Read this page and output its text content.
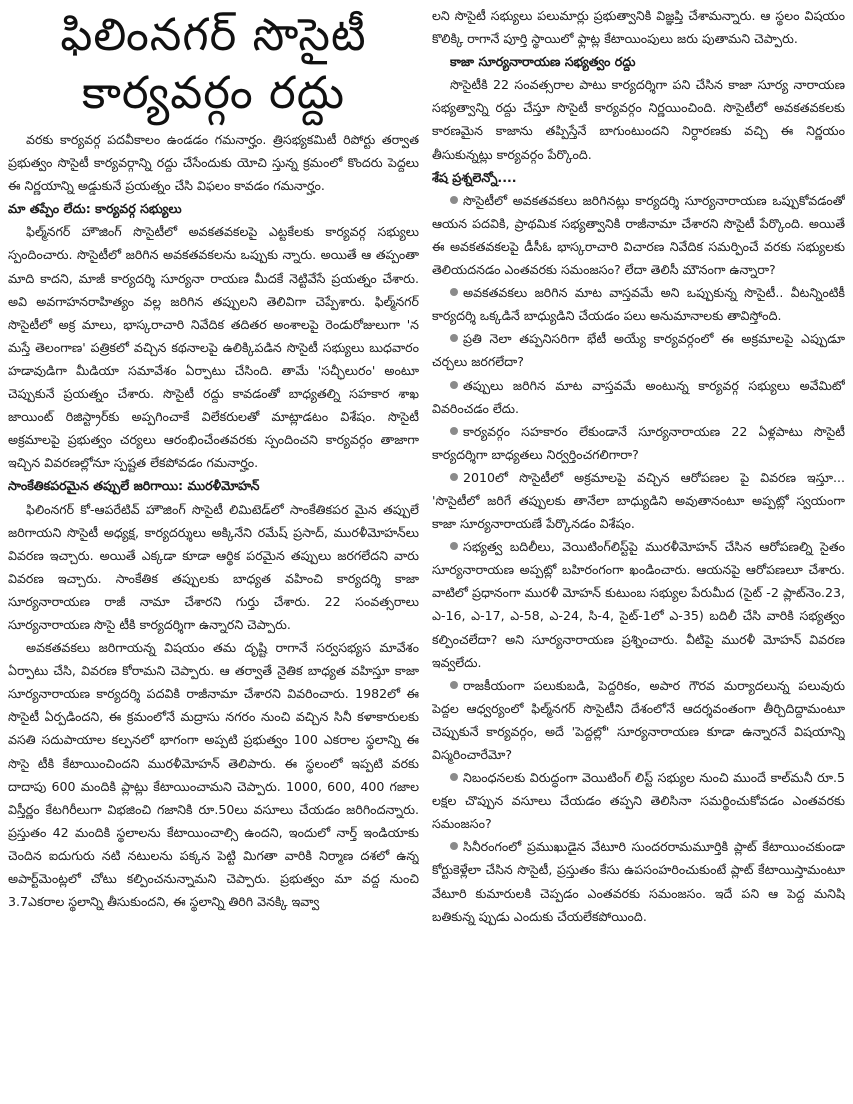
ఫిలింనగర్ సొసైటీ
కార్యవర్గం రద్దు

వరకు కార్యవర్గ పదవీకాలం ఉండడం గమనార్హం. త్రిసభ్యకమిటీ రిపోర్టు తర్వాత ప్రభుత్వం సొసైటీ కార్యవర్గాన్ని రద్దు చేసేందుకు యోచి స్తున్న క్రమంలో కొందరు పెద్దలు ఈ నిర్ణయాన్ని అడ్డుకునే ప్రయత్నం చేసి విఫలం కావడం గమనార్హం.

మా తప్పేం లేదు: కార్యవర్గ సభ్యులు

ఫిల్మ్‌నగర్ హౌజింగ్ సొసైటీలో అవకతవకలపై ఎట్టకేలకు కార్యవర్గ సభ్యులు స్పందించారు. సొసైటీలో జరిగిన అవకతవకలను ఒప్పుకు న్నారు. అయితే ఆ తప్పంతా మాది కాదని, మాజీ కార్యదర్శి సూర్యనా రాయణ మీదకే నెట్టివేసే ప్రయత్నం చేశారు. అవి అవగాహనరాహిత్యం వల్ల జరిగిన తప్పులని తెలివిగా చెప్పేశారు. ఫిల్మ్‌నగర్ సొసైటీలో అక్ర మాలు, భాస్కరాచారి నివేదిక తదితర అంశాలపై రెండురోజులుగా 'న మస్తే తెలంగాణ' పత్రికలో వచ్చిన కథనాలపై ఉలిక్కిపడిన సొసైటీ సభ్యులు బుధవారం హడావుడిగా మీడియా సమావేశం ఏర్పాటు చేసింది. తామే 'సచ్ఛీలురం' అంటూ చెప్పుకునే ప్రయత్నం చేశారు. సొసైటీ రద్దు కావడంతో బాధ్యతల్ని సహకార శాఖ జాయింట్ రిజిస్ట్రార్‌కు అప్పగించాకే విలేకరులతో మాట్లాడటం విశేషం. సొసైటీ అక్రమాలపై ప్రభుత్వం చర్యలు ఆరంభించేంతవరకు స్పందించని కార్యవర్గం తాజాగా ఇచ్చిన వివరణల్లోనూ స్పష్టత లేకపోవడం గమనార్హం.

సాంకేతికపరమైన తప్పులే జరిగాయి: మురళీమోహన్

ఫిలింనగర్ కో-ఆపరేటివ్ హౌజింగ్ సొసైటీ లిమిటెడ్‌లో సాంకేతికపర మైన తప్పులే జరిగాయని సొసైటీ అధ్యక్ష, కార్యదర్శులు అక్కినేని రమేష్ ప్రసాద్, మురళీమోహన్‌లు వివరణ ఇచ్చారు. అయితే ఎక్కడా కూడా ఆర్థిక పరమైన తప్పులు జరగలేదని వారు వివరణ ఇచ్చారు. సాంకేతిక తప్పులకు బాధ్యత వహించి కార్యదర్శి కాజా సూర్యనారాయణ రాజీ నామా చేశారని గుర్తు చేశారు. 22 సంవత్సరాలు సూర్యనారాయణ సొసై టీకి కార్యదర్శిగా ఉన్నారని చెప్పారు.

అవకతవకలు జరిగాయన్న విషయం తమ దృష్టి రాగానే సర్వసభ్యస మావేశం ఏర్పాటు చేసి, వివరణ కోరామని చెప్పారు. ఆ తర్వాతే నైతిక బాధ్యత వహిస్తూ కాజా సూర్యనారాయణ కార్యదర్శి పదవికి రాజీనామా చేశారని వివరించారు. 1982లో ఈ సొసైటీ ఏర్పడిందని, ఈ క్రమంలోనే మద్రాసు నగరం నుంచి వచ్చిన సినీ కళాకారులకు వసతి సదుపాయాల కల్పనలో భాగంగా అప్పటి ప్రభుత్వం 100 ఎకరాల స్థలాన్ని ఈ సొసై టీకి కేటాయించిందని మురళీమోహన్ తెలిపారు. ఈ స్థలంలో ఇప్పటి వరకు దాదాపు 600 మందికి ప్లాట్లు కేటాయించామని చెప్పారు. 1000, 600, 400 గజాల విస్తీర్ణం కేటగిరీలుగా విభజించి గజానికి రూ.50లు వసూలు చేయడం జరిగిందన్నారు. ప్రస్తుతం 42 మందికి స్థలాలను కేటాయించాల్సి ఉందని, ఇందులో నార్త్ ఇండియాకు చెందిన ఐదుగురు నటి నటులను పక్కన పెట్టి మిగతా వారికి నిర్మాణ దశలో ఉన్న అపార్ట్‌మెంట్లలో చోటు కల్పించనున్నామని చెప్పారు. ప్రభుత్వం మా వద్ద నుంచి 3.7ఎకరాల స్థలాన్ని తీసుకుందని, ఈ స్థలాన్ని తిరిగి వెనక్కి ఇవ్వా

లని సొసైటీ సభ్యులు పలుమార్లు ప్రభుత్వానికి విజ్ఞప్తి చేశామన్నారు. ఆ స్థలం విషయం కొలిక్కి రాగానే పూర్తి స్థాయిలో ఫ్లాట్ల కేటాయింపులు జరు పుతామని చెప్పారు.

కాజా సూర్యనారాయణ సభ్యత్వం రద్దు

సొసైటీకి 22 సంవత్సరాల పాటు కార్యదర్శిగా పని చేసిన కాజా సూర్య నారాయణ సభ్యత్వాన్ని రద్దు చేస్తూ సొసైటీ కార్యవర్గం నిర్ణయించింది. సొసైటీలో అవకతవకలకు కారణమైన కాజాను తప్పిస్తేనే బాగుంటుందని నిర్ధారణకు వచ్చి ఈ నిర్ణయం తీసుకున్నట్లు కార్యవర్గం పేర్కొంది.

శేష ప్రశ్నలెన్నో....

సొసైటీలో అవకతవకలు జరిగినట్లు కార్యదర్శి సూర్యనారాయణ ఒప్పుకోవడంతో ఆయన పదవికి, ప్రాథమిక సభ్యత్వానికి రాజీనామా చేశారని సొసైటీ పేర్కొంది. అయితే ఈ అవకతవకలపై డీసీఓ భాస్కరాచారి విచారణ నివేదిక సమర్పించే వరకు సభ్యులకు తెలియదనడం ఎంతవరకు సమంజసం? లేదా తెలిసీ మౌనంగా ఉన్నారా?

అవకతవకలు జరిగిన మాట వాస్తవమే అని ఒప్పుకున్న సొసైటీ.. వీటన్నింటికీ కార్యదర్శి ఒక్కడినే బాధ్యుడిని చేయడం పలు అనుమానాలకు తావిస్తోంది.

ప్రతి నెలా తప్పనిసరిగా భేటీ అయ్యే కార్యవర్గంలో ఈ అక్రమాలపై ఎప్పుడూ చర్చలు జరగలేదా?

తప్పులు జరిగిన మాట వాస్తవమే అంటున్న కార్యవర్గ సభ్యులు అవేమిటో వివరించడం లేదు.

కార్యవర్గం సహకారం లేకుండానే సూర్యనారాయణ 22 ఏళ్లపాటు సొసైటీ కార్యదర్శిగా బాధ్యతలు నిర్వర్తించగలిగారా?

2010లో సొసైటీలో అక్రమాలపై వచ్చిన ఆరోపణల పై వివరణ ఇస్తూ... 'సొసైటీలో జరిగే తప్పులకు తానేలా బాధ్యుడిని అవుతానంటూ అప్పట్లో స్వయంగా కాజా సూర్యనారాయణే పేర్కొనడం విశేషం.

సభ్యత్వ బదిలీలు, వెయిటింగ్‌లిస్ట్‌పై మురళీమోహన్ చేసిన ఆరోపణల్ని సైతం సూర్యనారాయణ అప్పట్లో బహిరంగంగా ఖండించారు. ఆయనపై ఆరోపణలూ చేశారు. వాటిలో ప్రధానంగా మురళీ మోహన్ కుటుంబ సభ్యుల పేరుమీద (సైట్ -2 ప్లాట్‌నెం.23, ఎ-16, ఎ-17, ఎ-58, ఎ-24, సి-4, సైట్-1లో ఎ-35) బదిలీ చేసి వారికి సభ్యత్వం కల్పించలేదా? అని సూర్యనారాయణ ప్రశ్నించారు. వీటిపై మురళీ మోహన్ వివరణ ఇవ్వలేదు.

రాజకీయంగా పలుకుబడి, పెద్దరికం, అపార గౌరవ మర్యాదలున్న పలువురు పెద్దల ఆధ్వర్యంలో ఫిల్మ్‌నగర్ సొసైటీని దేశంలోనే ఆదర్శవంతంగా తీర్చిదిద్దామంటూ చెప్పుకునే కార్యవర్గం, అదే 'పెద్దల్లో' సూర్యనారాయణ కూడా ఉన్నారనే విషయాన్ని విస్మరించారేమో?

నిబంధనలకు విరుద్ధంగా వెయిటింగ్ లిస్ట్ సభ్యుల నుంచి ముందే కాల్‌మనీ రూ.5 లక్షల చొప్పున వసూలు చేయడం తప్పని తెలిసినా సమర్థించుకోవడం ఎంతవరకు సమంజసం?

సినీరంగంలో ప్రముఖుడైన వేటూరి సుందరరామమూర్తికి ప్లాట్ కేటాయించకుండా కోర్టుకెళ్లేలా చేసిన సొసైటీ, ప్రస్తుతం కేసు ఉపసంహరించుకుంటే ప్లాట్ కేటాయిస్తామంటూ వేటూరి కుమారులకి చెప్పడం ఎంతవరకు సమంజసం. ఇదే పని ఆ పెద్ద మనిషి బతికున్న ప్పుడు ఎందుకు చేయలేకపోయింది.
